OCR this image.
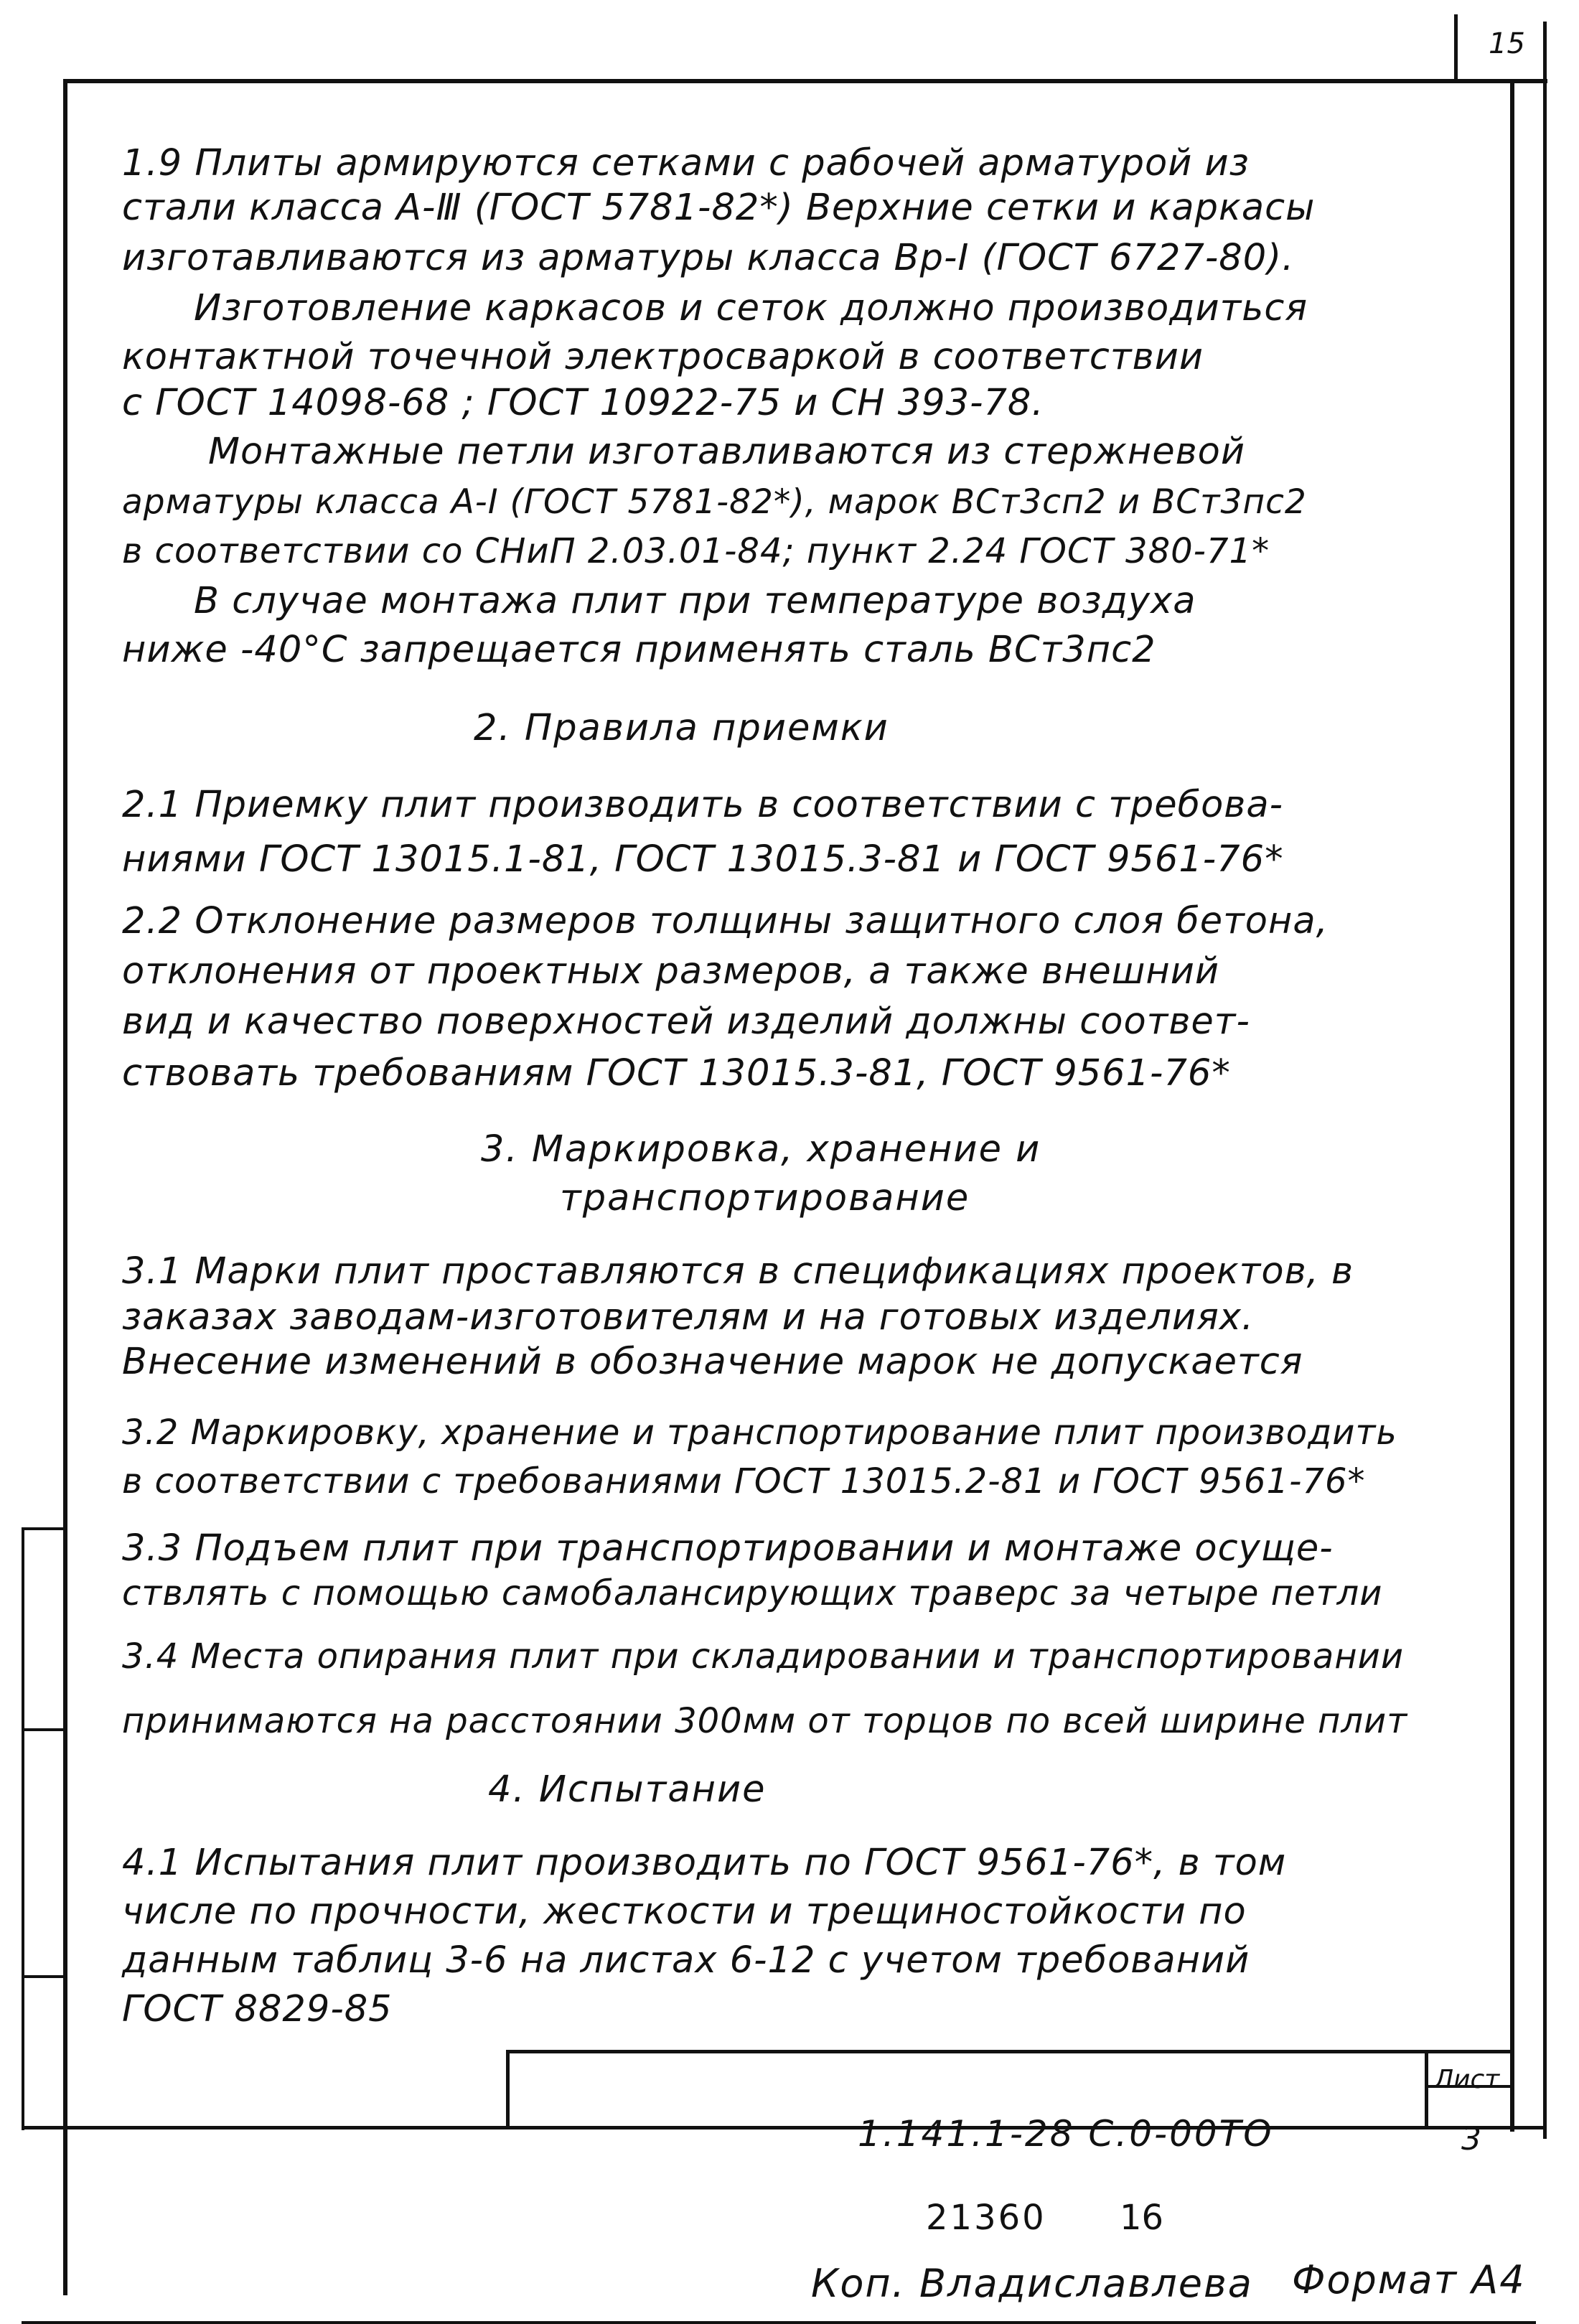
15
1.9 Плиты армируются сетками с рабочей арматурой из
стали класса А-Ⅲ (ГОСТ 5781-82*) Верхние сетки и каркасы
изготавливаются из арматуры класса Вр-I (ГОСТ 6727-80).
Изготовление каркасов и сеток должно производиться
контактной точечной электросваркой в соответствии
с ГОСТ 14098-68 ; ГОСТ 10922-75 и СН 393-78.
Монтажные петли изготавливаются из стержневой
арматуры класса А-I (ГОСТ 5781-82*), марок ВСт3сп2 и ВСт3пс2
в соответствии со СНиП 2.03.01-84; пункт 2.24 ГОСТ 380-71*
В случае монтажа плит при температуре воздуха
ниже -40°С запрещается применять сталь ВСт3пс2
2. Правила приемки
2.1 Приемку плит производить в соответствии с требова-
ниями ГОСТ 13015.1-81, ГОСТ 13015.3-81 и ГОСТ 9561-76*
2.2 Отклонение размеров толщины защитного слоя бетона,
отклонения от проектных размеров, а также внешний
вид и качество поверхностей изделий должны соответ-
ствовать требованиям ГОСТ 13015.3-81, ГОСТ 9561-76*
3. Маркировка, хранение и
транспортирование
3.1 Марки плит проставляются в спецификациях проектов, в
заказах заводам-изготовителям и на готовых изделиях.
Внесение изменений в обозначение марок не допускается
3.2 Маркировку, хранение и транспортирование плит производить
в соответствии с требованиями ГОСТ 13015.2-81 и ГОСТ 9561-76*
3.3 Подъем плит при транспортировании и монтаже осуще-
ствлять с помощью самобалансирующих траверс за четыре петли
3.4 Места опирания плит при складировании и транспортировании
принимаются на расстоянии 300мм от торцов по всей ширине плит
4. Испытание
4.1 Испытания плит производить по ГОСТ 9561-76*, в том
числе по прочности, жесткости и трещиностойкости по
данным таблиц 3-6 на листах 6-12 с учетом требований
ГОСТ 8829-85
1.141.1-28 С.0-00ТО
Лист
3
21360 16
Коп. Владиславлева Формат А4
